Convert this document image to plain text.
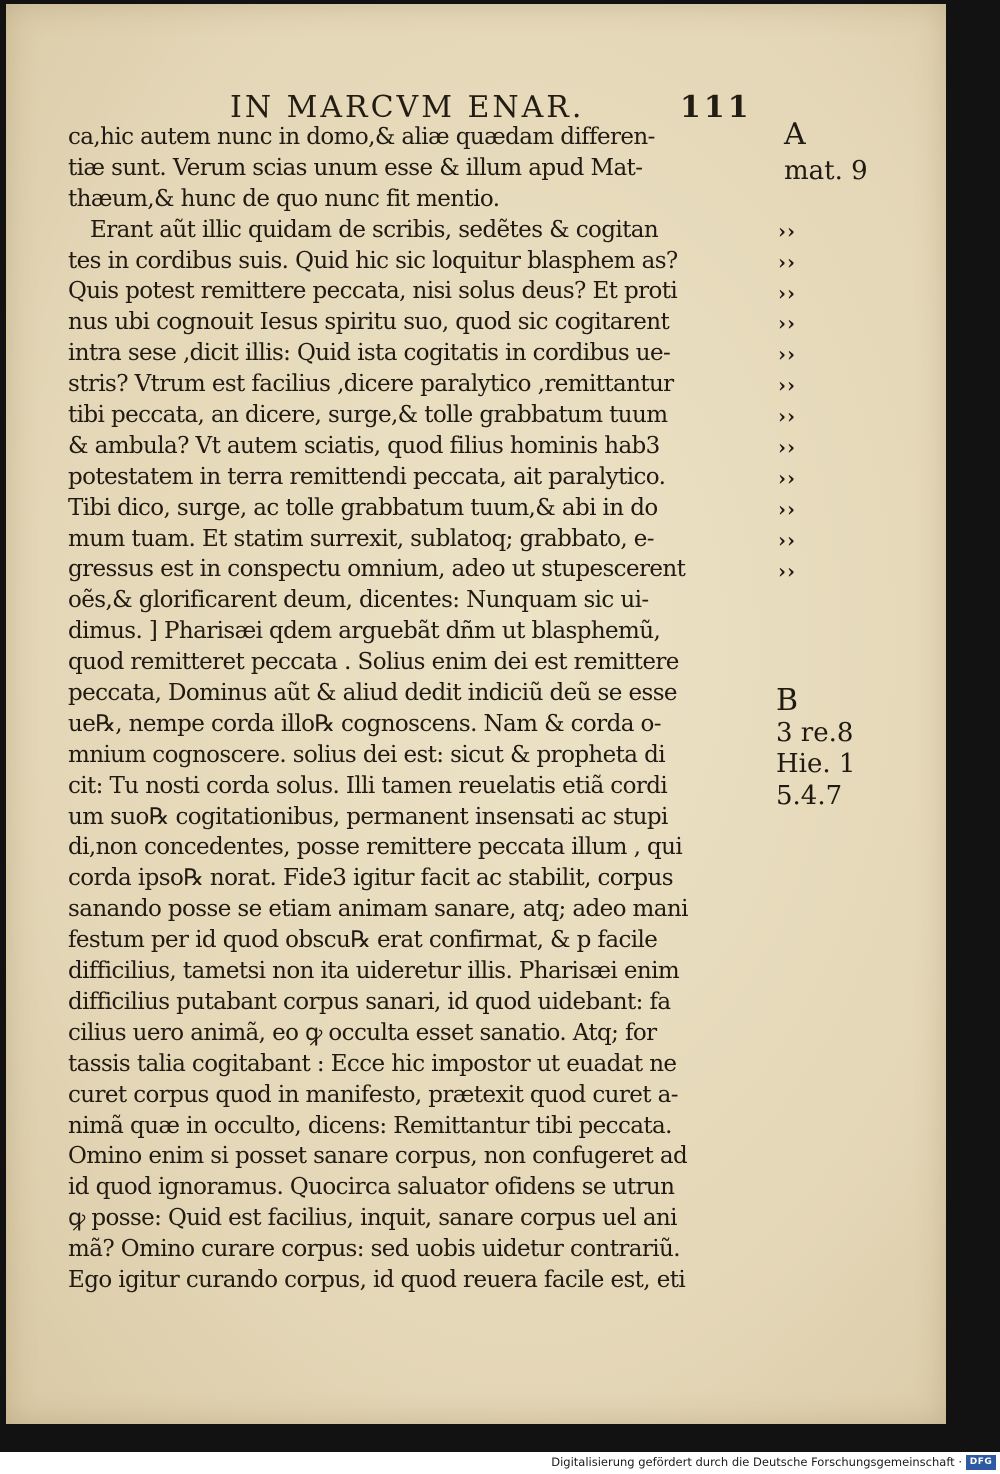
IN MARCVM ENAR.	111
ca,hic autem nunc in domo,& aliæ quædam differen-
tiæ sunt. Verum scias unum esse & illum apud Mat-
thæum,& hunc de quo nunc fit mentio.
Erant aũt illic quidam de scribis, sedẽtes & cogitan
tes in cordibus suis. Quid hic sic loquitur blasphem as?
Quis potest remittere peccata, nisi solus deus? Et proti
nus ubi cognouit Iesus spiritu suo, quod sic cogitarent
intra sese ,dicit illis: Quid ista cogitatis in cordibus ue-
stris? Vtrum est facilius ,dicere paralytico ,remittantur
tibi peccata, an dicere, surge,& tolle grabbatum tuum
& ambula? Vt autem sciatis, quod filius hominis hab3
potestatem in terra remittendi peccata, ait paralytico.
Tibi dico, surge, ac tolle grabbatum tuum,& abi in do
mum tuam. Et statim surrexit, sublatoq; grabbato, e-
gressus est in conspectu omnium, adeo ut stupescerent
oẽs,& glorificarent deum, dicentes: Nunquam sic ui-
dimus. ] Pharisæi qdem arguebãt dñm ut blasphemũ,
quod remitteret peccata . Solius enim dei est remittere
peccata, Dominus aũt & aliud dedit indiciũ deũ se esse
ue℞, nempe corda illo℞ cognoscens. Nam & corda o-
mnium cognoscere. solius dei est: sicut & propheta di
cit: Tu nosti corda solus. Illi tamen reuelatis etiã cordi
um suo℞ cogitationibus, permanent insensati ac stupi
di,non concedentes, posse remittere peccata illum , qui
corda ipso℞ norat. Fide3 igitur facit ac stabilit, corpus
sanando posse se etiam animam sanare, atq; adeo mani
festum per id quod obscu℞ erat confirmat, & p facile
difficilius, tametsi non ita uideretur illis. Pharisæi enim
difficilius putabant corpus sanari, id quod uidebant: fa
cilius uero animã, eo ꝙ occulta esset sanatio. Atq; for
tassis talia cogitabant : Ecce hic impostor ut euadat ne
curet corpus quod in manifesto, prætexit quod curet a-
nimã quæ in occulto, dicens: Remittantur tibi peccata.
Omino enim si posset sanare corpus, non confugeret ad
id quod ignoramus. Quocirca saluator ofidens se utrun
ꝙ posse: Quid est facilius, inquit, sanare corpus uel ani
mã? Omino curare corpus: sed uobis uidetur contrariũ.
Ego igitur curando corpus, id quod reuera facile est, eti
A
mat. 9
B
3 re.8
Hie. 1
5.4.7
››
››
››
››
››
››
››
››
››
››
››
››
Digitalisierung gefördert durch die Deutsche Forschungsgemeinschaft · DFG
